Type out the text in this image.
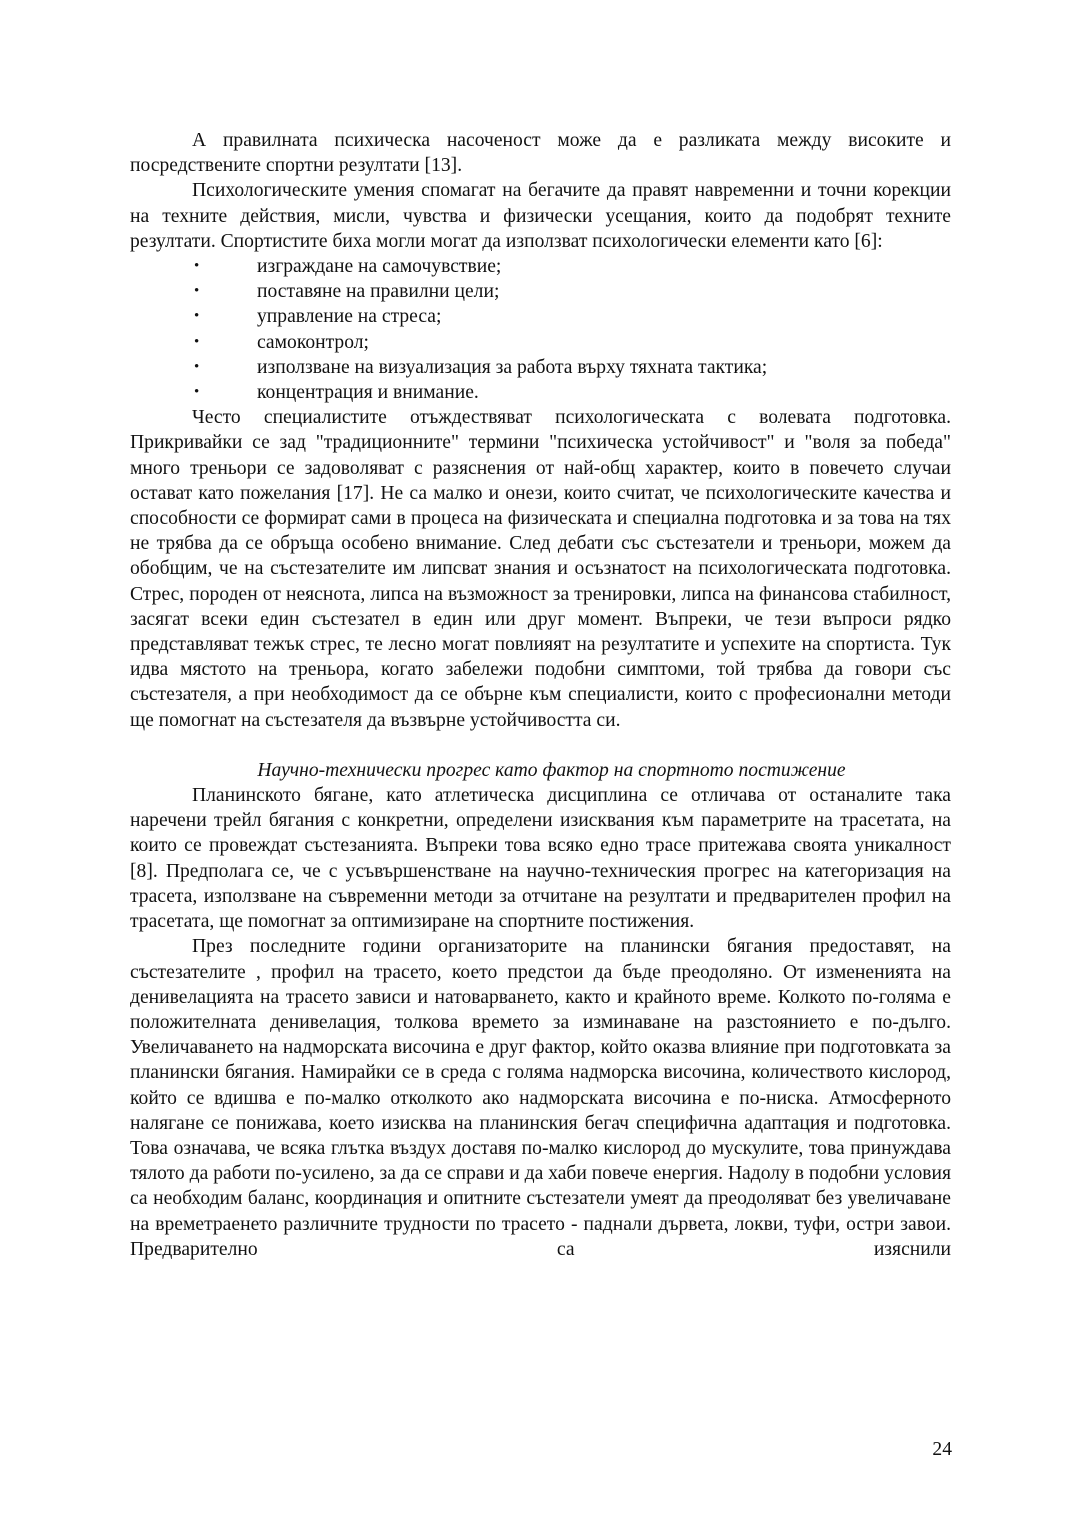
А правилната психическа насоченост може да е разликата между високите и посредствените спортни резултати [13].

Психологическите умения спомагат на бегачите да правят навременни и точни корекции на техните действия, мисли, чувства и физически усещания, които да подобрят техните резултати. Спортистите биха могли могат да използват психологически елементи като [6]:

•	изграждане на самочувствие;
•	поставяне на правилни цели;
•	управление на стреса;
•	самоконтрол;
•	използване на визуализация за работа върху тяхната тактика;
•	концентрация и внимание.

Често специалистите отъждествяват психологическата с волевата подготовка. Прикривайки се зад "традиционните" термини "психическа устойчивост" и "воля за победа" много треньори се задоволяват с разяснения от най-общ характер, които в повечето случаи остават като пожелания [17]. Не са малко и онези, които считат, че психологическите качества и способности се формират сами в процеса на физическата и специална подготовка и за това на тях не трябва да се обръща особено внимание. След дебати със състезатели и треньори, можем да обобщим, че на състезателите им липсват знания и осъзнатост на психологическата подготовка. Стрес, породен от неяснота, липса на възможност за тренировки, липса на финансова стабилност, засягат всеки един състезател в един или друг момент. Въпреки, че тези въпроси рядко представляват тежък стрес, те лесно могат повлияят на резултатите и успехите на спортиста. Тук идва мястото на треньора, когато забележи подобни симптоми, той трябва да говори със състезателя, а при необходимост да се обърне към специалисти, които с професионални методи ще помогнат на състезателя да възвърне устойчивостта си.

Научно-технически прогрес като фактор на спортното постижение

Планинското бягане, като атлетическа дисциплина се отличава от останалите така наречени трейл бягания с конкретни, определени изисквания към параметрите на трасетата, на които се провеждат състезанията. Въпреки това всяко едно трасе притежава своята уникалност [8]. Предполага се, че с усъвършенстване на научно-техническия прогрес на категоризация на трасета, използване на съвременни методи за отчитане на резултати и предварителен профил на трасетата, ще помогнат за оптимизиране на спортните постижения.

През последните години организаторите на планински бягания предоставят, на състезателите , профил на трасето, което предстои да бъде преодоляно. От измененията на денивелацията на трасето зависи и натоварването, както и крайното време. Колкото по-голяма е положителната денивелация, толкова времето за изминаване на разстоянието е по-дълго. Увеличаването на надморската височина е друг фактор, който оказва влияние при подготовката за планински бягания. Намирайки се в среда с голяма надморска височина, количеството кислород, който се вдишва е по-малко отколкото ако надморската височина е по-ниска. Атмосферното налягане се понижава, което изисква на планинския бегач специфична адаптация и подготовка. Това означава, че всяка глътка въздух доставя по-малко кислород до мускулите, това принуждава тялото да работи по-усилено, за да се справи и да хаби повече енергия. Надолу в подобни условия са необходим баланс, координация и опитните състезатели умеят да преодоляват без увеличаване на времетраенето различните трудности по трасето - паднали дървета, локви, туфи, остри завои. Предварително са изяснили

24
